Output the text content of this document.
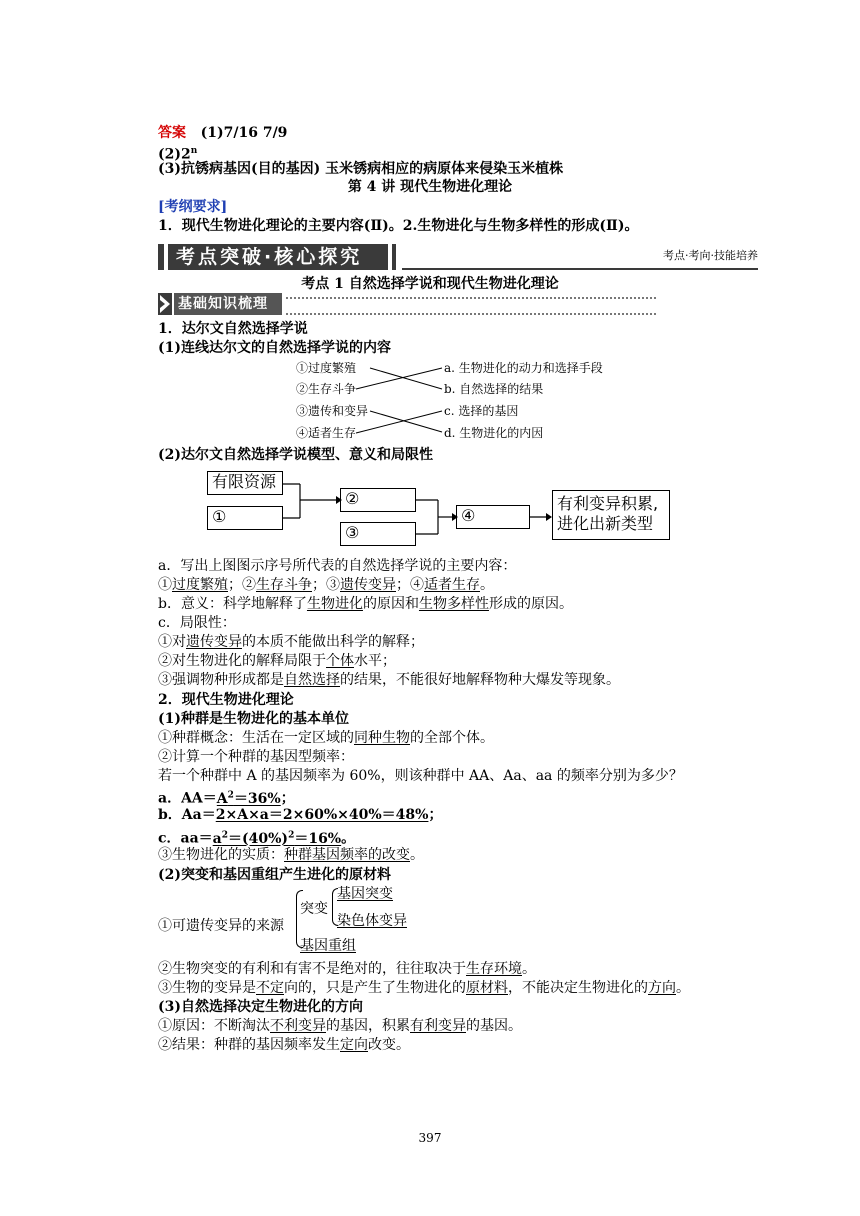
答案 (1)7/16 7/9
(2)2$^n$
(3)抗锈病基因(目的基因) 玉米锈病相应的病原体来侵染玉米植株
第 4 讲 现代生物进化理论
[考纲要求]
1．现代生物进化理论的主要内容(Ⅱ)。2.生物进化与生物多样性的形成(Ⅱ)。
考点突破·核心探究	考点·考向·技能培养
考点 1 自然选择学说和现代生物进化理论
基础知识梳理
1．达尔文自然选择学说
(1)连线达尔文的自然选择学说的内容
①过度繁殖
②生存斗争
③遗传和变异
④适者生存
a. 生物进化的动力和选择手段
b. 自然选择的结果
c. 选择的基因
d. 生物进化的内因
(2)达尔文自然选择学说模型、意义和局限性
有限资源
①
②
③
④
有利变异积累,
进化出新类型
a．写出上图图示序号所代表的自然选择学说的主要内容：
①过度繁殖；②生存斗争；③遗传变异；④适者生存。
b．意义：科学地解释了生物进化的原因和生物多样性形成的原因。
c．局限性：
①对遗传变异的本质不能做出科学的解释；
②对生物进化的解释局限于个体水平；
③强调物种形成都是自然选择的结果，不能很好地解释物种大爆发等现象。
2．现代生物进化理论
(1)种群是生物进化的基本单位
①种群概念：生活在一定区域的同种生物的全部个体。
②计算一个种群的基因型频率：
若一个种群中 A 的基因频率为 60%，则该种群中 AA、Aa、aa 的频率分别为多少？
a．$AA=A^2=36\%$；
b．Aa＝2×A×a＝2×60%×40%＝48%；
c．$aa=a^2=(40\%)^2=16\%$。
③生物进化的实质：种群基因频率的改变。
(2)突变和基因重组产生进化的原材料
①可遗传变异的来源
突变
基因突变
染色体变异
基因重组
②生物突变的有利和有害不是绝对的，往往取决于生存环境。
③生物的变异是不定向的，只是产生了生物进化的原材料，不能决定生物进化的方向。
(3)自然选择决定生物进化的方向
①原因：不断淘汰不利变异的基因，积累有利变异的基因。
②结果：种群的基因频率发生定向改变。
397
